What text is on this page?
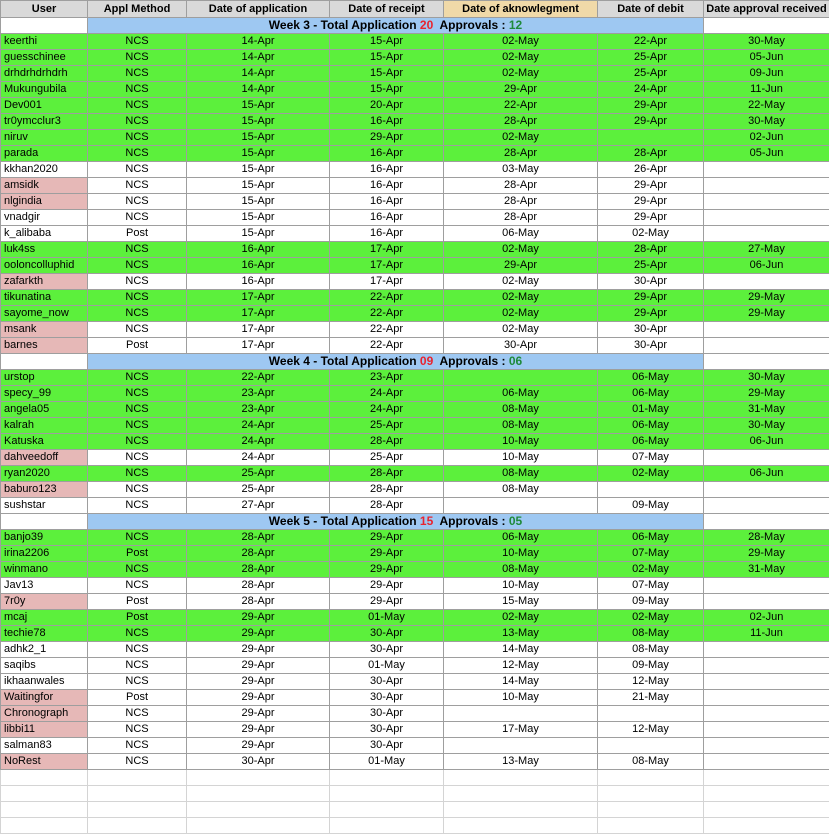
User	Appl Method	Date of application	Date of receipt	Date of aknowlegment	Date of debit	Date approval received
	Week 3 - Total Application 20  Approvals : 12					
keerthi	NCS	14-Apr	15-Apr	02-May	22-Apr	30-May
guesschinee	NCS	14-Apr	15-Apr	02-May	25-Apr	05-Jun
drhdrhdrhdrh	NCS	14-Apr	15-Apr	02-May	25-Apr	09-Jun
Mukungubila	NCS	14-Apr	15-Apr	29-Apr	24-Apr	11-Jun
Dev001	NCS	15-Apr	20-Apr	22-Apr	29-Apr	22-May
tr0ymcclur3	NCS	15-Apr	16-Apr	28-Apr	29-Apr	30-May
niruv	NCS	15-Apr	29-Apr	02-May		02-Jun
parada	NCS	15-Apr	16-Apr	28-Apr	28-Apr	05-Jun
kkhan2020	NCS	15-Apr	16-Apr	03-May	26-Apr	
amsidk	NCS	15-Apr	16-Apr	28-Apr	29-Apr	
nlgindia	NCS	15-Apr	16-Apr	28-Apr	29-Apr	
vnadgir	NCS	15-Apr	16-Apr	28-Apr	29-Apr	
k_alibaba	Post	15-Apr	16-Apr	06-May	02-May	
luk4ss	NCS	16-Apr	17-Apr	02-May	28-Apr	27-May
ooloncolluphid	NCS	16-Apr	17-Apr	29-Apr	25-Apr	06-Jun
zafarkth	NCS	16-Apr	17-Apr	02-May	30-Apr	
tikunatina	NCS	17-Apr	22-Apr	02-May	29-Apr	29-May
sayome_now	NCS	17-Apr	22-Apr	02-May	29-Apr	29-May
msank	NCS	17-Apr	22-Apr	02-May	30-Apr	
barnes	Post	17-Apr	22-Apr	30-Apr	30-Apr	
	Week 4 - Total Application 09  Approvals : 06					
urstop	NCS	22-Apr	23-Apr		06-May	30-May
specy_99	NCS	23-Apr	24-Apr	06-May	06-May	29-May
angela05	NCS	23-Apr	24-Apr	08-May	01-May	31-May
kalrah	NCS	24-Apr	25-Apr	08-May	06-May	30-May
Katuska	NCS	24-Apr	28-Apr	10-May	06-May	06-Jun
dahveedoff	NCS	24-Apr	25-Apr	10-May	07-May	
ryan2020	NCS	25-Apr	28-Apr	08-May	02-May	06-Jun
baburo123	NCS	25-Apr	28-Apr	08-May		
sushstar	NCS	27-Apr	28-Apr		09-May	
	Week 5 - Total Application 15  Approvals : 05					
banjo39	NCS	28-Apr	29-Apr	06-May	06-May	28-May
irina2206	Post	28-Apr	29-Apr	10-May	07-May	29-May
winmano	NCS	28-Apr	29-Apr	08-May	02-May	31-May
Jav13	NCS	28-Apr	29-Apr	10-May	07-May	
7r0y	Post	28-Apr	29-Apr	15-May	09-May	
mcaj	Post	29-Apr	01-May	02-May	02-May	02-Jun
techie78	NCS	29-Apr	30-Apr	13-May	08-May	11-Jun
adhk2_1	NCS	29-Apr	30-Apr	14-May	08-May	
saqibs	NCS	29-Apr	01-May	12-May	09-May	
ikhaanwales	NCS	29-Apr	30-Apr	14-May	12-May	
Waitingfor	Post	29-Apr	30-Apr	10-May	21-May	
Chronograph	NCS	29-Apr	30-Apr			
libbi11	NCS	29-Apr	30-Apr	17-May	12-May	
salman83	NCS	29-Apr	30-Apr			
NoRest	NCS	30-Apr	01-May	13-May	08-May	
